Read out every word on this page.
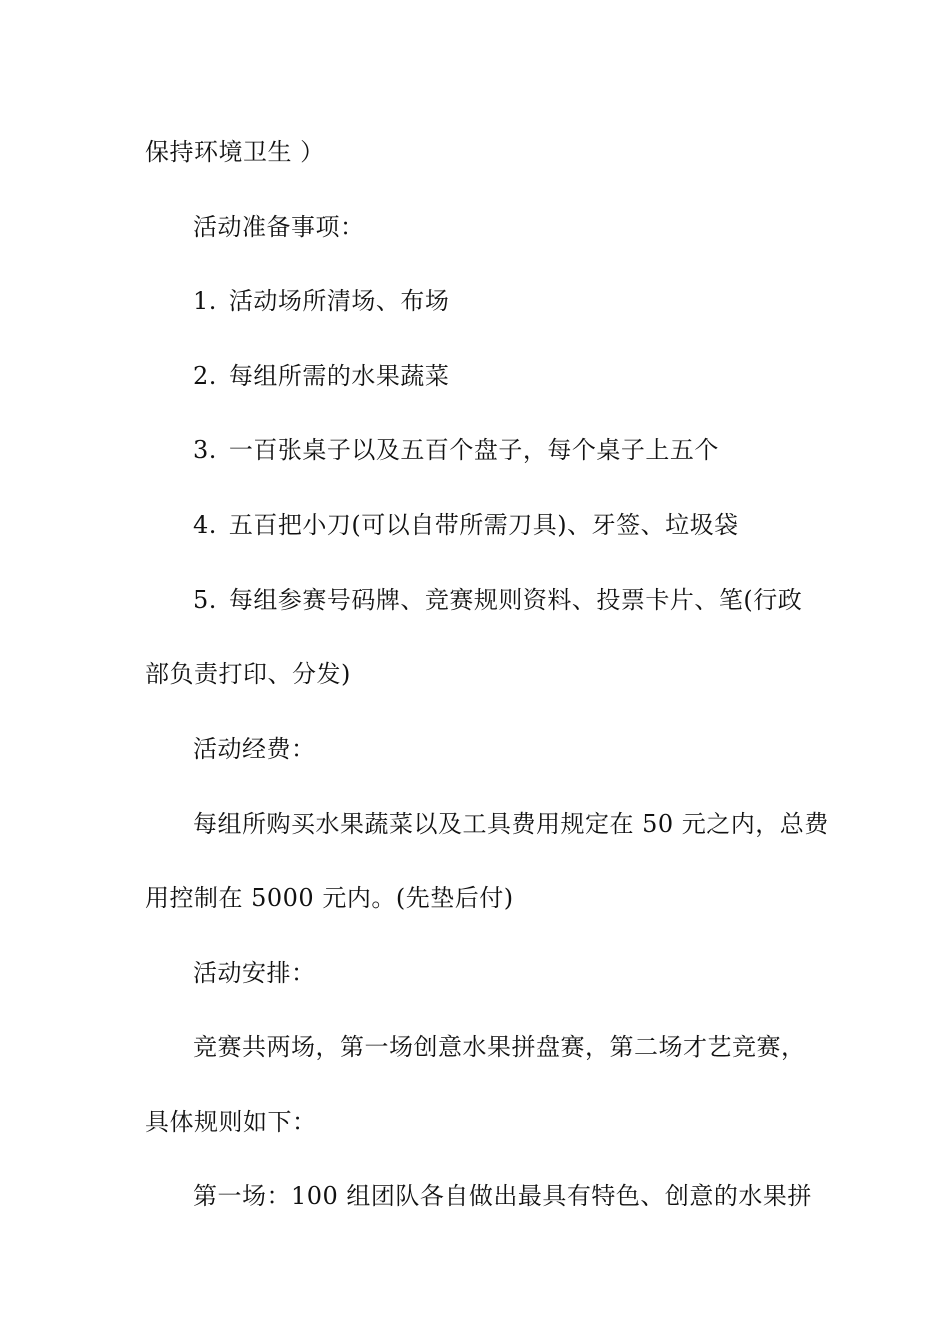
保持环境卫生 ）
活动准备事项：
1. 活动场所清场、布场
2. 每组所需的水果蔬菜
3. 一百张桌子以及五百个盘子，每个桌子上五个
4. 五百把小刀(可以自带所需刀具)、牙签、垃圾袋
5. 每组参赛号码牌、竞赛规则资料、投票卡片、笔(行政
部负责打印、分发)
活动经费：
每组所购买水果蔬菜以及工具费用规定在 50 元之内，总费
用控制在 5000 元内。(先垫后付)
活动安排：
竞赛共两场，第一场创意水果拼盘赛，第二场才艺竞赛，
具体规则如下：
第一场：100 组团队各自做出最具有特色、创意的水果拼
